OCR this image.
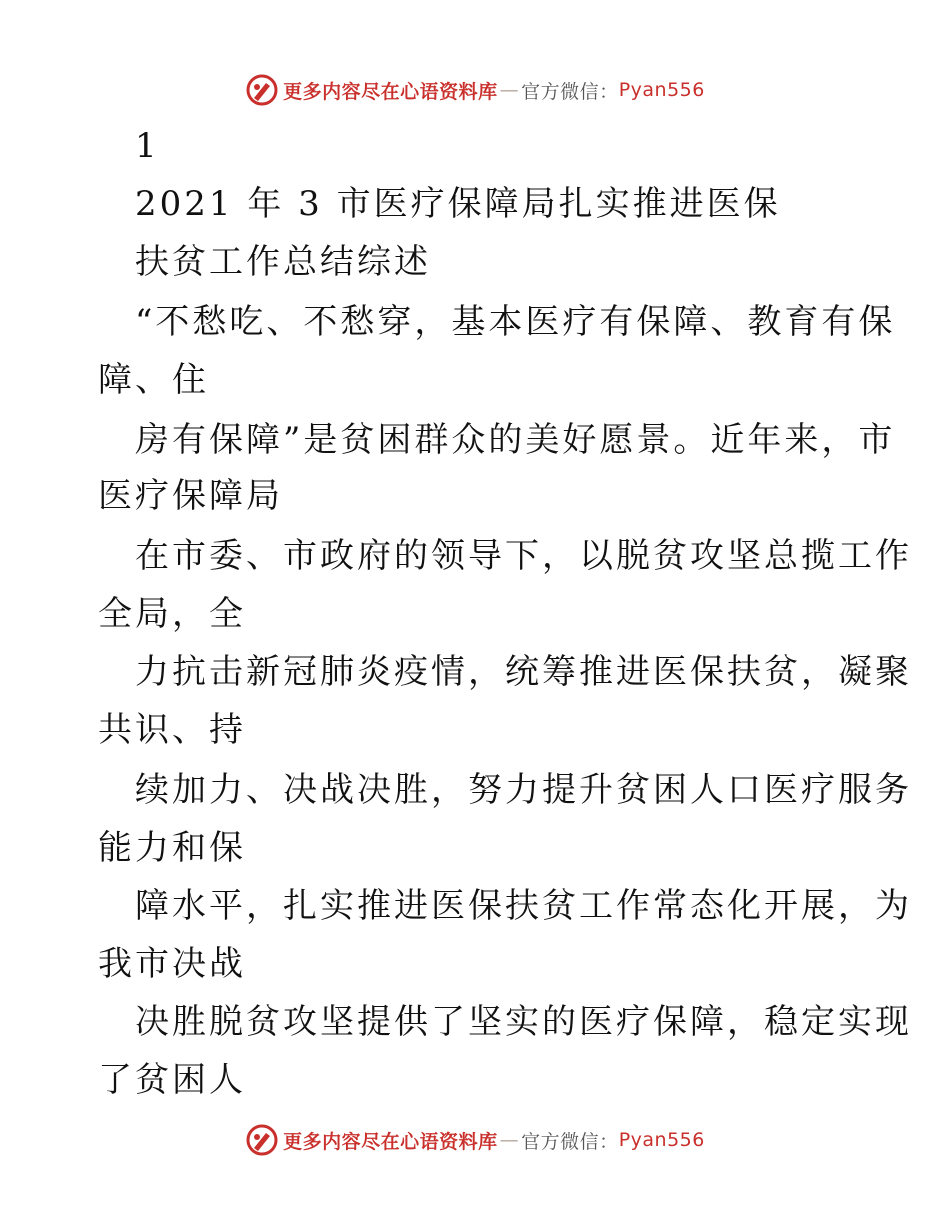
更多内容尽在心语资料库 — 官方微信： Pyan556
1
2021 年 3 市医疗保障局扎实推进医保
扶贫工作总结综述
“不愁吃、不愁穿，基本医疗有保障、教育有保
障、住
房有保障”是贫困群众的美好愿景。近年来，市
医疗保障局
在市委、市政府的领导下，以脱贫攻坚总揽工作
全局，全
力抗击新冠肺炎疫情，统筹推进医保扶贫，凝聚
共识、持
续加力、决战决胜，努力提升贫困人口医疗服务
能力和保
障水平，扎实推进医保扶贫工作常态化开展，为
我市决战
决胜脱贫攻坚提供了坚实的医疗保障，稳定实现
了贫困人
更多内容尽在心语资料库 — 官方微信： Pyan556
